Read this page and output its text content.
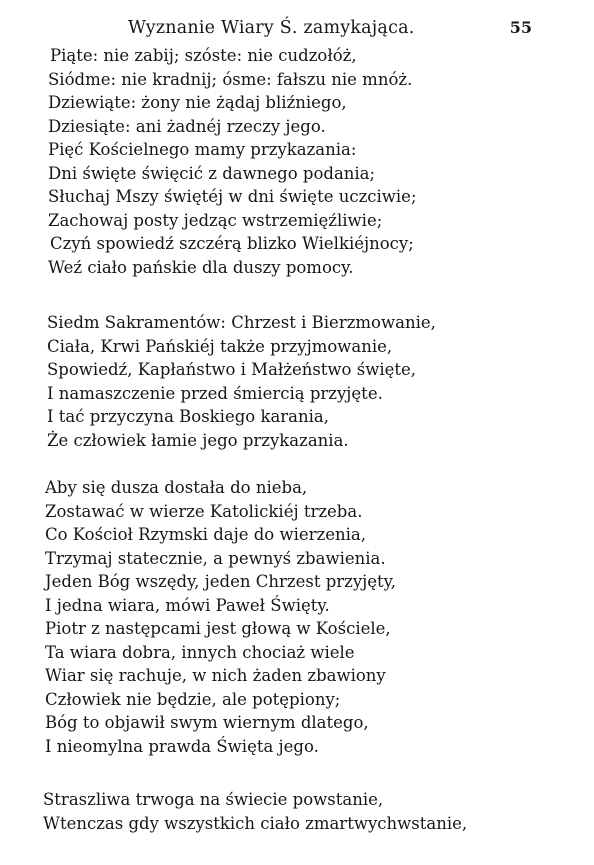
Wyznanie Wiary Ś. zamykająca.	55
Piąte: nie zabij; szóste: nie cudzołóż,
Siódme: nie kradnij; ósme: fałszu nie mnóż.
Dziewiąte: żony nie żądaj bliźniego,
Dziesiąte: ani żadnéj rzeczy jego.
Pięć Kościelnego mamy przykazania:
Dni święte święcić z dawnego podania;
Słuchaj Mszy świętéj w dni święte uczciwie;
Zachowaj posty jedząc wstrzemięźliwie;
Czyń spowiedź szczérą blizko Wielkiéjnocy;
Weź ciało pańskie dla duszy pomocy.
Siedm Sakramentów: Chrzest i Bierzmowanie,
Ciała, Krwi Pańskiéj także przyjmowanie,
Spowiedź, Kapłaństwo i Małżeństwo święte,
I namaszczenie przed śmiercią przyjęte.
I tać przyczyna Boskiego karania,
Że człowiek łamie jego przykazania.
Aby się dusza dostała do nieba,
Zostawać w wierze Katolickiéj trzeba.
Co Kościoł Rzymski daje do wierzenia,
Trzymaj statecznie, a pewnyś zbawienia.
Jeden Bóg wszędy, jeden Chrzest przyjęty,
I jedna wiara, mówi Paweł Święty.
Piotr z następcami jest głową w Kościele,
Ta wiara dobra, innych chociaż wiele
Wiar się rachuje, w nich żaden zbawiony
Człowiek nie będzie, ale potępiony;
Bóg to objawił swym wiernym dlatego,
I nieomylna prawda Święta jego.
Straszliwa trwoga na świecie powstanie,
Wtenczas gdy wszystkich ciało zmartwychwstanie,
